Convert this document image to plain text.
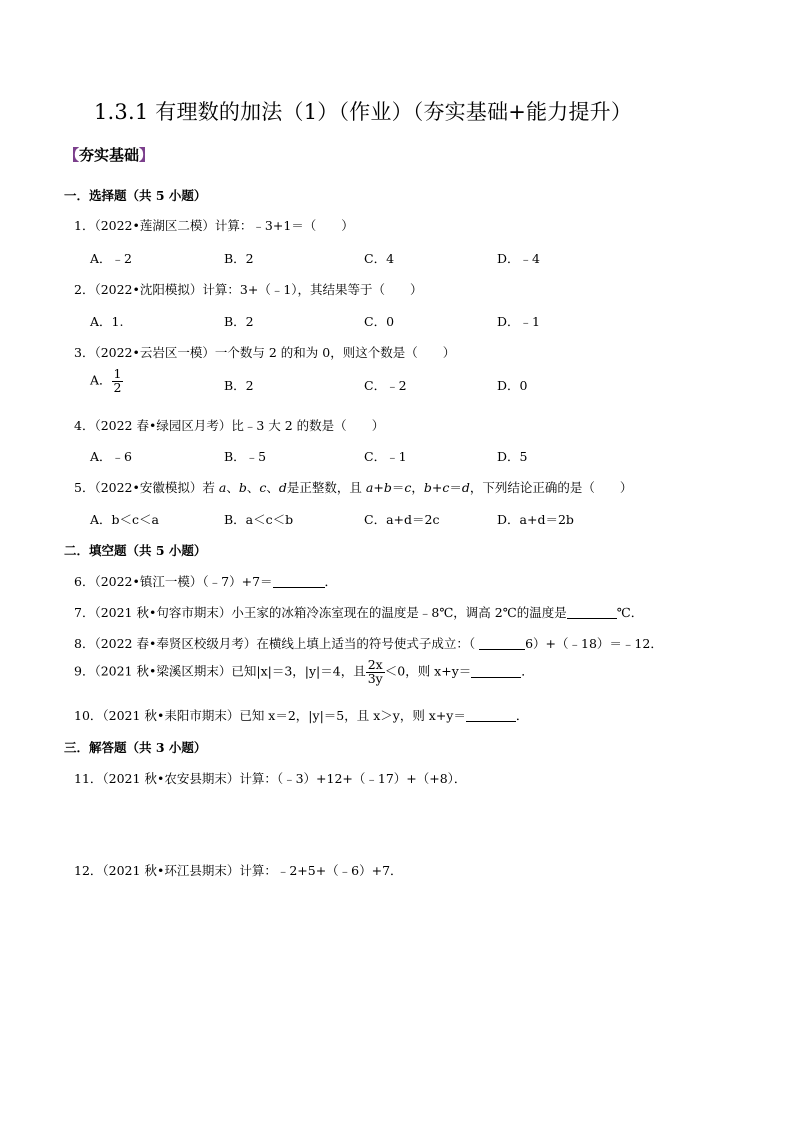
1.3.1 有理数的加法（1）（作业）（夯实基础+能力提升）
【夯实基础】
一．选择题（共 5 小题）
1．（2022•莲湖区二模）计算：﹣3+1＝（　　）
A．﹣2	B．2	C．4	D．﹣4
2．（2022•沈阳模拟）计算：3+（﹣1），其结果等于（　　）
A．1.	B．2	C．0	D．﹣1
3．（2022•云岩区一模）一个数与 2 的和为 0，则这个数是（　　）
A． $\frac{1}{2}$	B．2	C．﹣2	D．0
4．（2022 春•绿园区月考）比﹣3 大 2 的数是（　　）
A．﹣6	B．﹣5	C．﹣1	D．5
5．（2022•安徽模拟）若 a、b、c、d是正整数，且 a+b＝c，b+c＝d，下列结论正确的是（　　）
A．b＜c＜a	B．a＜c＜b	C．a+d＝2c	D．a+d＝2b
二．填空题（共 5 小题）
6．（2022•镇江一模）（﹣7）+7＝	．
7．（2021 秋•句容市期末）小王家的冰箱冷冻室现在的温度是﹣8℃，调高 2℃的温度是	℃．
8．（2022 春•奉贤区校级月考）在横线上填上适当的符号使式子成立：（	6）+（﹣18）＝﹣12．
9．（2021 秋•梁溪区期末）已知|x|＝3，|y|＝4，且 $\frac{2x}{3y} <0$，则 x+y＝	．
10．（2021 秋•耒阳市期末）已知 x＝2，|y|＝5，且 x＞y，则 x+y＝	．
三．解答题（共 3 小题）
11．（2021 秋•农安县期末）计算：（﹣3）+12+（﹣17）+（+8）．
12．（2021 秋•环江县期末）计算：﹣2+5+（﹣6）+7．
